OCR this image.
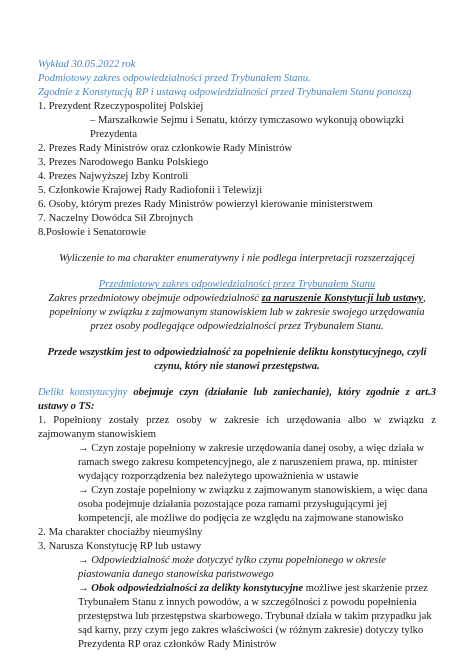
Wykład 30.05.2022 rok

Podmiotowy zakres odpowiedzialności przed Trybunałem Stanu.

Zgodnie z Konstytucją RP i ustawą odpowiedzialności przed Trybunałem Stanu ponoszą

1. Prezydent Rzeczypospolitej Polskiej

– Marszałkowie Sejmu i Senatu, którzy tymczasowo wykonują obowiązki Prezydenta

2. Prezes Rady Ministrów oraz członkowie Rady Ministrów

3. Prezes Narodowego Banku Polskiego

4. Prezes Najwyższej Izby Kontroli

5. Członkowie Krajowej Rady Radiofonii i Telewizji

6. Osoby, którym prezes Rady Ministrów powierzył kierowanie ministerstwem

7. Naczelny Dowódca Sił Zbrojnych

8.Posłowie i Senatorowie

Wyliczenie to ma charakter enumeratywny i nie podlega interpretacji rozszerzającej

Przedmiotowy zakres odpowiedzialności przez Trybunałem Stanu

Zakres przedmiotowy obejmuje odpowiedzialność za naruszenie Konstytucji lub ustawy, popełniony w związku z zajmowanym stanowiskiem lub w zakresie swojego urzędowania przez osoby podlegające odpowiedzialności przez Trybunałem Stanu.

Przede wszystkim jest to odpowiedzialność za popełnienie deliktu konstytucyjnego, czyli czynu, który nie stanowi przestępstwa.

Delikt konstytucyjny obejmuje czyn (działanie lub zaniechanie), który zgodnie z art.3 ustawy o TS:

1. Popełniony zostały przez osoby w zakresie ich urzędowania albo w związku z zajmowanym stanowiskiem

→ Czyn zostaje popełniony w zakresie urzędowania danej osoby, a więc działa w ramach swego zakresu kompetencyjnego, ale z naruszeniem prawa, np. minister wydający rozporządzenia bez należytego upoważnienia w ustawie

→ Czyn zostaje popełniony w związku z zajmowanym stanowiskiem, a więc dana osoba podejmuje działania pozostające poza ramami przysługującymi jej kompetencji, ale możliwe do podjęcia ze względu na zajmowane stanowisko

2. Ma charakter chociażby nieumyślny

3. Narusza Konstytucję RP lub ustawy

→ Odpowiedzialność może dotyczyć tylko czynu popełnionego w okresie piastowania danego stanowiska państwowego

→ Obok odpowiedzialności za delikty konstytucyjne możliwe jest skarżenie przez Trybunałem Stanu z innych powodów, a w szczególności z powodu popełnienia przestępstwa lub przestępstwa skarbowego. Trybunał działa w takim przypadku jak sąd karny, przy czym jego zakres właściwości (w różnym zakresie) dotyczy tylko Prezydenta RP oraz członków Rady Ministrów
